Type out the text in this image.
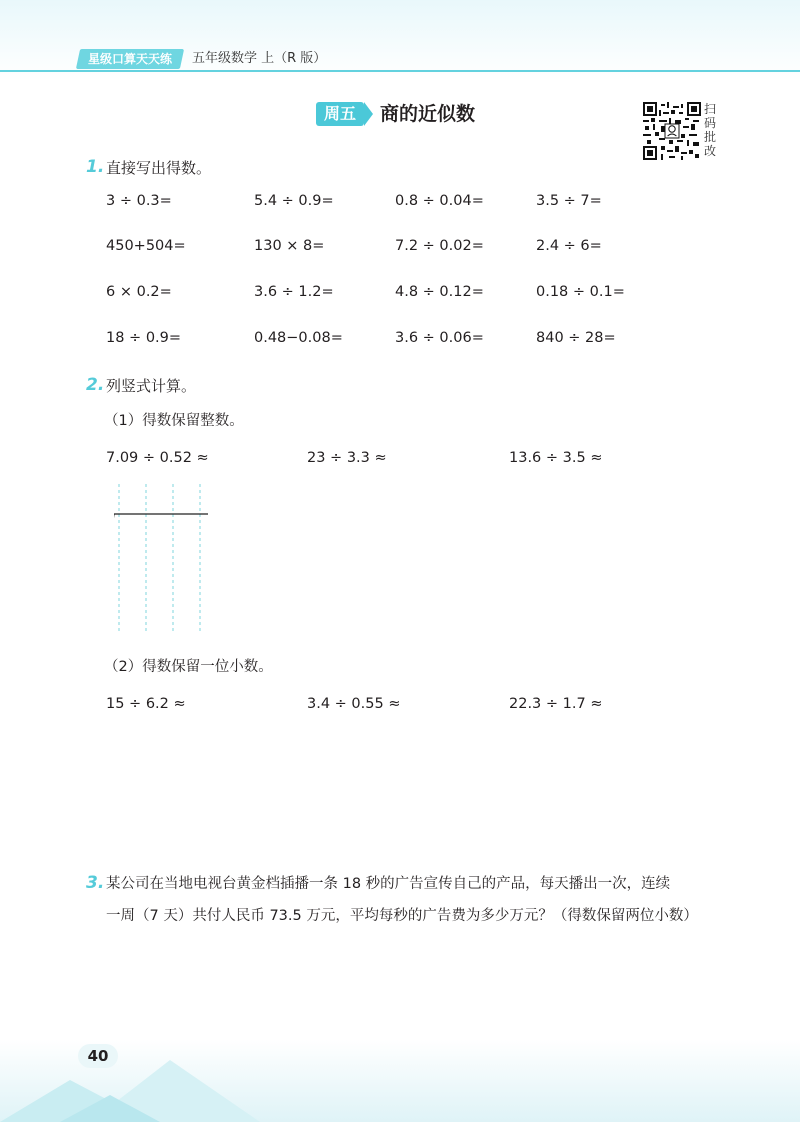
星级口算天天练	五年级数学 上（R 版）
周五	商的近似数	扫码批改
1. 直接写出得数。
3 ÷ 0.3=	5.4 ÷ 0.9=	0.8 ÷ 0.04=	3.5 ÷ 7=
450+504=	130 × 8=	7.2 ÷ 0.02=	2.4 ÷ 6=
6 × 0.2=	3.6 ÷ 1.2=	4.8 ÷ 0.12=	0.18 ÷ 0.1=
18 ÷ 0.9=	0.48−0.08=	3.6 ÷ 0.06=	840 ÷ 28=
2. 列竖式计算。
（1）得数保留整数。
7.09 ÷ 0.52 ≈	23 ÷ 3.3 ≈	13.6 ÷ 3.5 ≈
（2）得数保留一位小数。
15 ÷ 6.2 ≈	3.4 ÷ 0.55 ≈	22.3 ÷ 1.7 ≈
3. 某公司在当地电视台黄金档插播一条 18 秒的广告宣传自己的产品，每天播出一次，连续
一周（7 天）共付人民币 73.5 万元，平均每秒的广告费为多少万元？（得数保留两位小数）
40
